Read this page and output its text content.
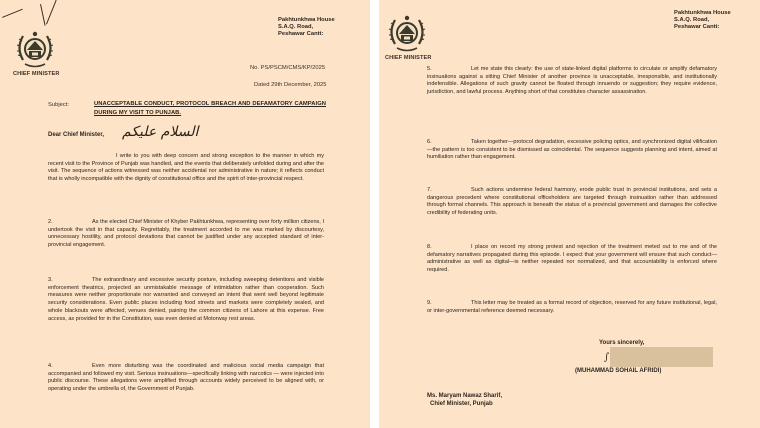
CHIEF MINISTER
Pakhtunkhwa House
S.A.Q. Road,
Peshawar Cantt:
No. PS/PSCM/CMS/KP/2025
Dated 29th December, 2025
Subject:	UNACCEPTABLE CONDUCT, PROTOCOL BREACH AND DEFAMATORY CAMPAIGN DURING MY VISIT TO PUNJAB.
Dear Chief Minister, السلام علیکم
I write to you with deep concern and strong exception to the manner in which my recent visit to the Province of Punjab was handled, and the events that deliberately unfolded during and after the visit. The sequence of actions witnessed was neither accidental nor administrative in nature; it reflects conduct that is wholly incompatible with the dignity of constitutional office and the spirit of inter-provincial respect.
2.	As the elected Chief Minister of Khyber Pakhtunkhwa, representing over forty million citizens, I undertook the visit in that capacity. Regrettably, the treatment accorded to me was marked by discourtesy, unnecessary hostility, and protocol deviations that cannot be justified under any accepted standard of inter-provincial engagement.
3.	The extraordinary and excessive security posture, including sweeping detentions and visible enforcement theatrics, projected an unmistakable message of intimidation rather than cooperation. Such measures were neither proportionate nor warranted and conveyed an intent that went well beyond legitimate security considerations. Even public places including food streets and markets were completely sealed, and whole blackouts were affected, venues denied, paining the common citizens of Lahore at this expense. Free access, as provided for in the Constitution, was even denied at Motorway rest areas.
4.	Even more disturbing was the coordinated and malicious social media campaign that accompanied and followed my visit. Serious insinuations—specifically linking with narcotics — were injected into public discourse. These allegations were amplified through accounts widely perceived to be aligned with, or operating under the umbrella of, the Government of Punjab.
CHIEF MINISTER
Pakhtunkhwa House
S.A.Q. Road,
Peshawar Cantt:
5.	Let me state this clearly: the use of state-linked digital platforms to circulate or amplify defamatory insinuations against a sitting Chief Minister of another province is unacceptable, irresponsible, and institutionally indefensible. Allegations of such gravity cannot be floated through innuendo or suggestion; they require evidence, jurisdiction, and lawful process. Anything short of that constitutes character assassination.
6.	Taken together—protocol degradation, excessive policing optics, and synchronized digital vilification—the pattern is too consistent to be dismissed as coincidental. The sequence suggests planning and intent, aimed at humiliation rather than engagement.
7.	Such actions undermine federal harmony, erode public trust in provincial institutions, and sets a dangerous precedent where constitutional officeholders are targeted through insinuation rather than addressed through formal channels. This approach is beneath the status of a provincial government and damages the collective credibility of federating units.
8.	I place on record my strong protest and rejection of the treatment meted out to me and of the defamatory narratives propagated during this episode. I expect that your government will ensure that such conduct—administrative as well as digital—is neither repeated nor normalized, and that accountability is enforced where required.
9.	This letter may be treated as a formal record of objection, reserved for any future institutional, legal, or inter-governmental reference deemed necessary.
Yours sincerely,
∫
(MUHAMMAD SOHAIL AFRIDI)
Ms. Maryam Nawaz Sharif,
Chief Minister, Punjab
